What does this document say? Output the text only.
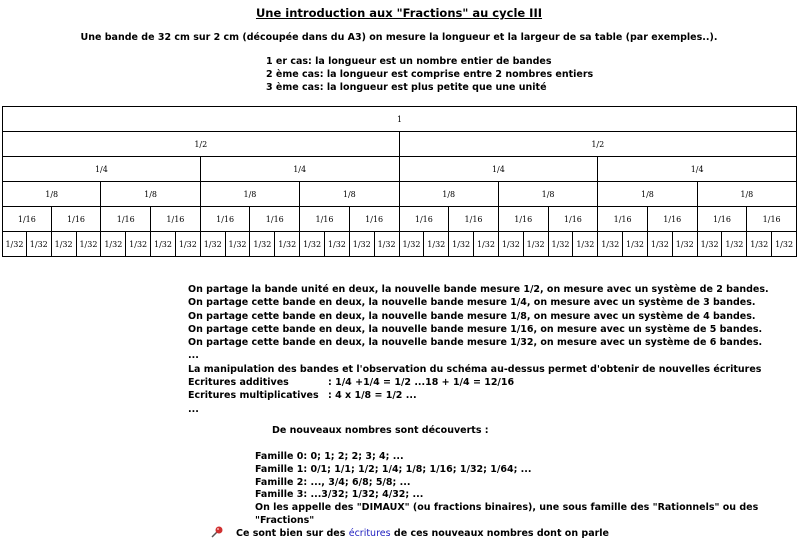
Une introduction aux "Fractions" au cycle III
Une bande de 32 cm sur 2 cm (découpée dans du A3) on mesure la longueur et la largeur de sa table (par exemples..).
1 er cas: la longueur est un nombre entier de bandes
2 ème cas: la longueur est comprise entre 2 nombres entiers
3 ème cas: la longueur est plus petite que une unité
1
1/2	1/2
1/4	1/4	1/4	1/4
1/8	1/8	1/8	1/8	1/8	1/8	1/8	1/8
1/16	1/16	1/16	1/16	1/16	1/16	1/16	1/16	1/16	1/16	1/16	1/16	1/16	1/16	1/16	1/16
1/32 1/32 1/32 1/32 1/32 1/32 1/32 1/32 1/32 1/32 1/32 1/32 1/32 1/32 1/32 1/32 1/32 1/32 1/32 1/32 1/32 1/32 1/32 1/32 1/32 1/32 1/32 1/32 1/32 1/32 1/32 1/32
On partage la bande unité en deux, la nouvelle bande mesure 1/2, on mesure avec un système de 2 bandes.
On partage cette bande en deux, la nouvelle bande mesure 1/4, on mesure avec un système de 3 bandes.
On partage cette bande en deux, la nouvelle bande mesure 1/8, on mesure avec un système de 4 bandes.
On partage cette bande en deux, la nouvelle bande mesure 1/16, on mesure avec un système de 5 bandes.
On partage cette bande en deux, la nouvelle bande mesure 1/32, on mesure avec un système de 6 bandes.
...
La manipulation des bandes et l'observation du schéma au-dessus permet d'obtenir de nouvelles écritures
Ecritures additives	: 1/4 +1/4 = 1/2 ...18 + 1/4 = 12/16
Ecritures multiplicatives : 4 x 1/8 = 1/2 ...
...
De nouveaux nombres sont découverts :
Famille 0: 0; 1; 2; 2; 3; 4; ...
Famille 1: 0/1; 1/1; 1/2; 1/4; 1/8; 1/16; 1/32; 1/64; ...
Famille 2: ..., 3/4; 6/8; 5/8; ...
Famille 3: ...3/32; 1/32; 4/32; ...
On les appelle des "DIMAUX" (ou fractions binaires), une sous famille des "Rationnels" ou des "Fractions"
Ce sont bien sur des
écritures
de ces nouveaux nombres dont on parle
